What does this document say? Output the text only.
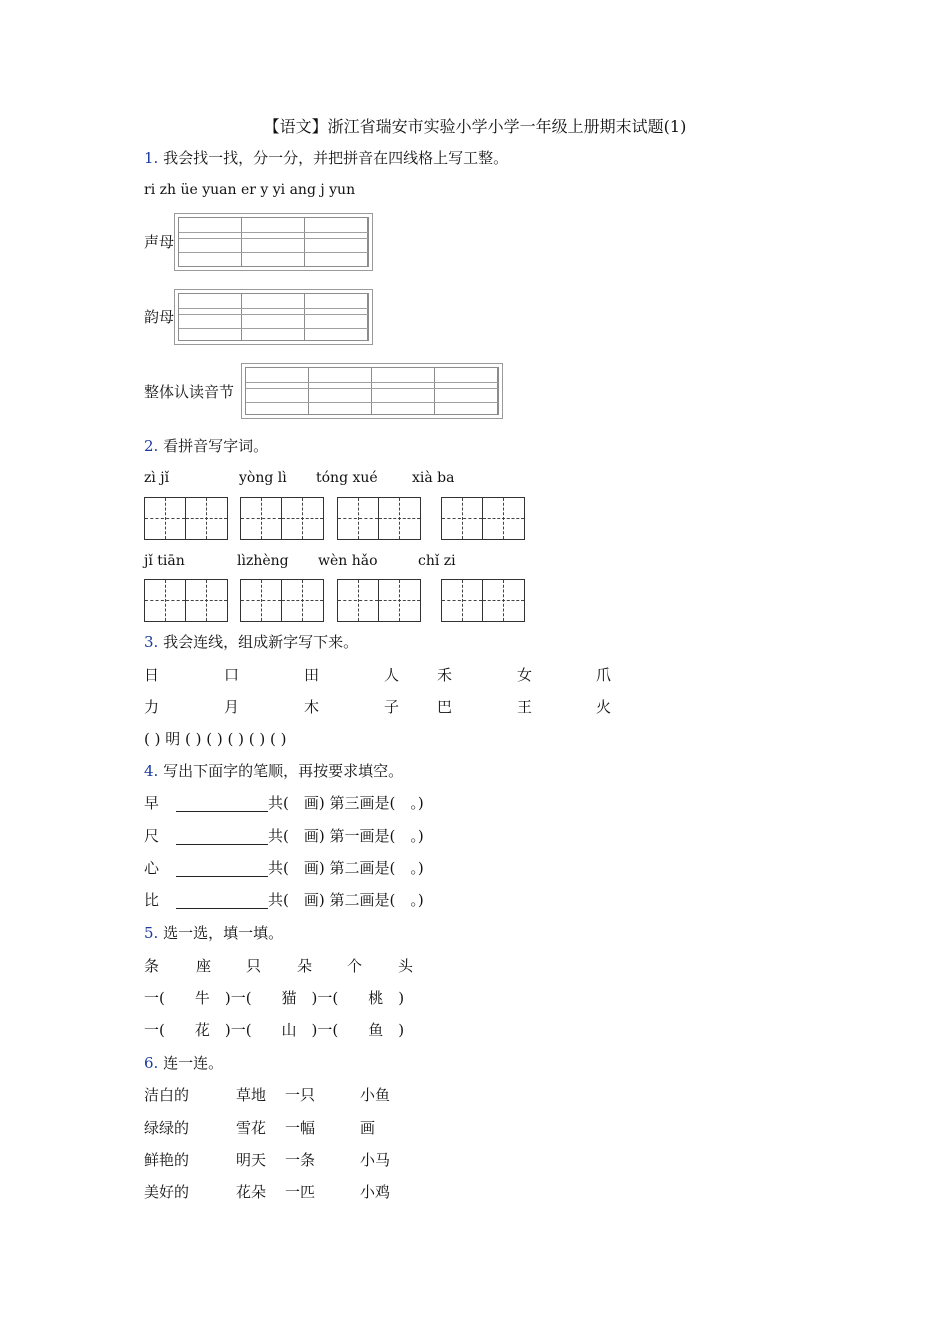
【语文】浙江省瑞安市实验小学小学一年级上册期末试题(1)
1. 我会找一找，分一分，并把拼音在四线格上写工整。
ri zh üe yuan er y yi ang j yun
声母
韵母
整体认读音节
2. 看拼音写字词。
zì jǐ	yòng lì tóng xué xià ba
jǐ tiān	lìzhèng wèn hǎo	chǐ zi
3. 我会连线，组成新字写下来。
日	口	田	人	禾	女	爪
力	月	木	子	巴	王	火
( ) 明 ( ) ( ) ( ) ( ) ( )
4. 写出下面字的笔顺，再按要求填空。
早	共(　画) 第三画是(　。)
尺	共(　画) 第一画是(　。)
心	共(　画) 第二画是(　。)
比	共(　画) 第二画是(　。)
5. 选一选，填一填。
条 座 只 朵 个 头
一(　　牛　)一(　　猫　)一(　　桃　)
一(　　花　)一(　　山　)一(　　鱼　)
6. 连一连。
洁白的	草地 一只	小鱼
绿绿的	雪花 一幅	画
鲜艳的	明天 一条	小马
美好的	花朵 一匹	小鸡
